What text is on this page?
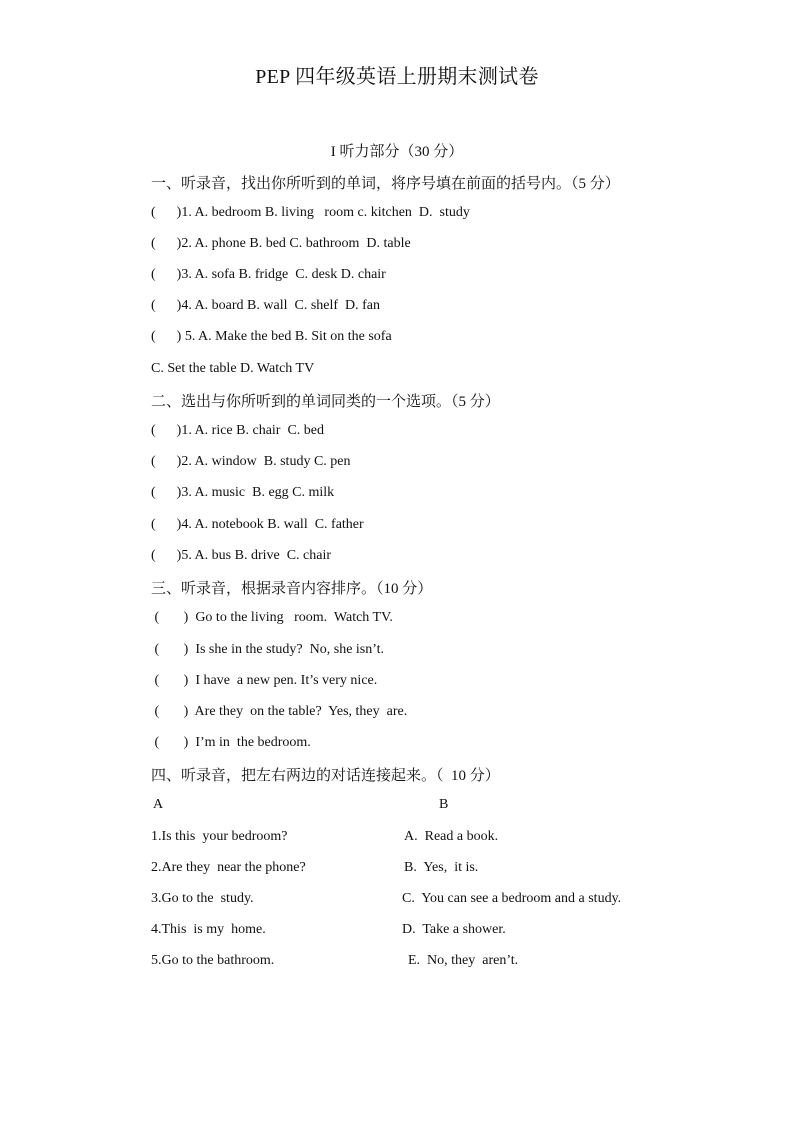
PEP 四年级英语上册期末测试卷
I 听力部分（30 分）
一、听录音，找出你所听到的单词，将序号填在前面的括号内。（5 分）
(      )1. A. bedroom B. living   room c. kitchen  D.  study
(      )2. A. phone B. bed C. bathroom  D. table
(      )3. A. sofa B. fridge  C. desk D. chair
(      )4. A. board B. wall  C. shelf  D. fan
(      ) 5. A. Make the bed B. Sit on the sofa
C. Set the table D. Watch TV
二、选出与你所听到的单词同类的一个选项。（5 分）
(      )1. A. rice B. chair  C. bed
(      )2. A. window  B. study C. pen
(      )3. A. music  B. egg C. milk
(      )4. A. notebook B. wall  C. father
(      )5. A. bus B. drive  C. chair
三、听录音，根据录音内容排序。（10 分）
(       )  Go to the living   room.  Watch TV.
(       )  Is she in the study?  No, she isn’t.
(       )  I have  a new pen. It’s very nice.
(       )  Are they  on the table?  Yes, they  are.
(       )  I’m in  the bedroom.
四、听录音，把左右两边的对话连接起来。（  10 分）
A	B
1.Is this  your bedroom?
2.Are they  near the phone?
3.Go to the  study.
4.This  is my  home.
5.Go to the bathroom.
A.  Read a book.
B.  Yes,  it is.
C.  You can see a bedroom and a study.
D.  Take a shower.
E.  No, they  aren’t.
